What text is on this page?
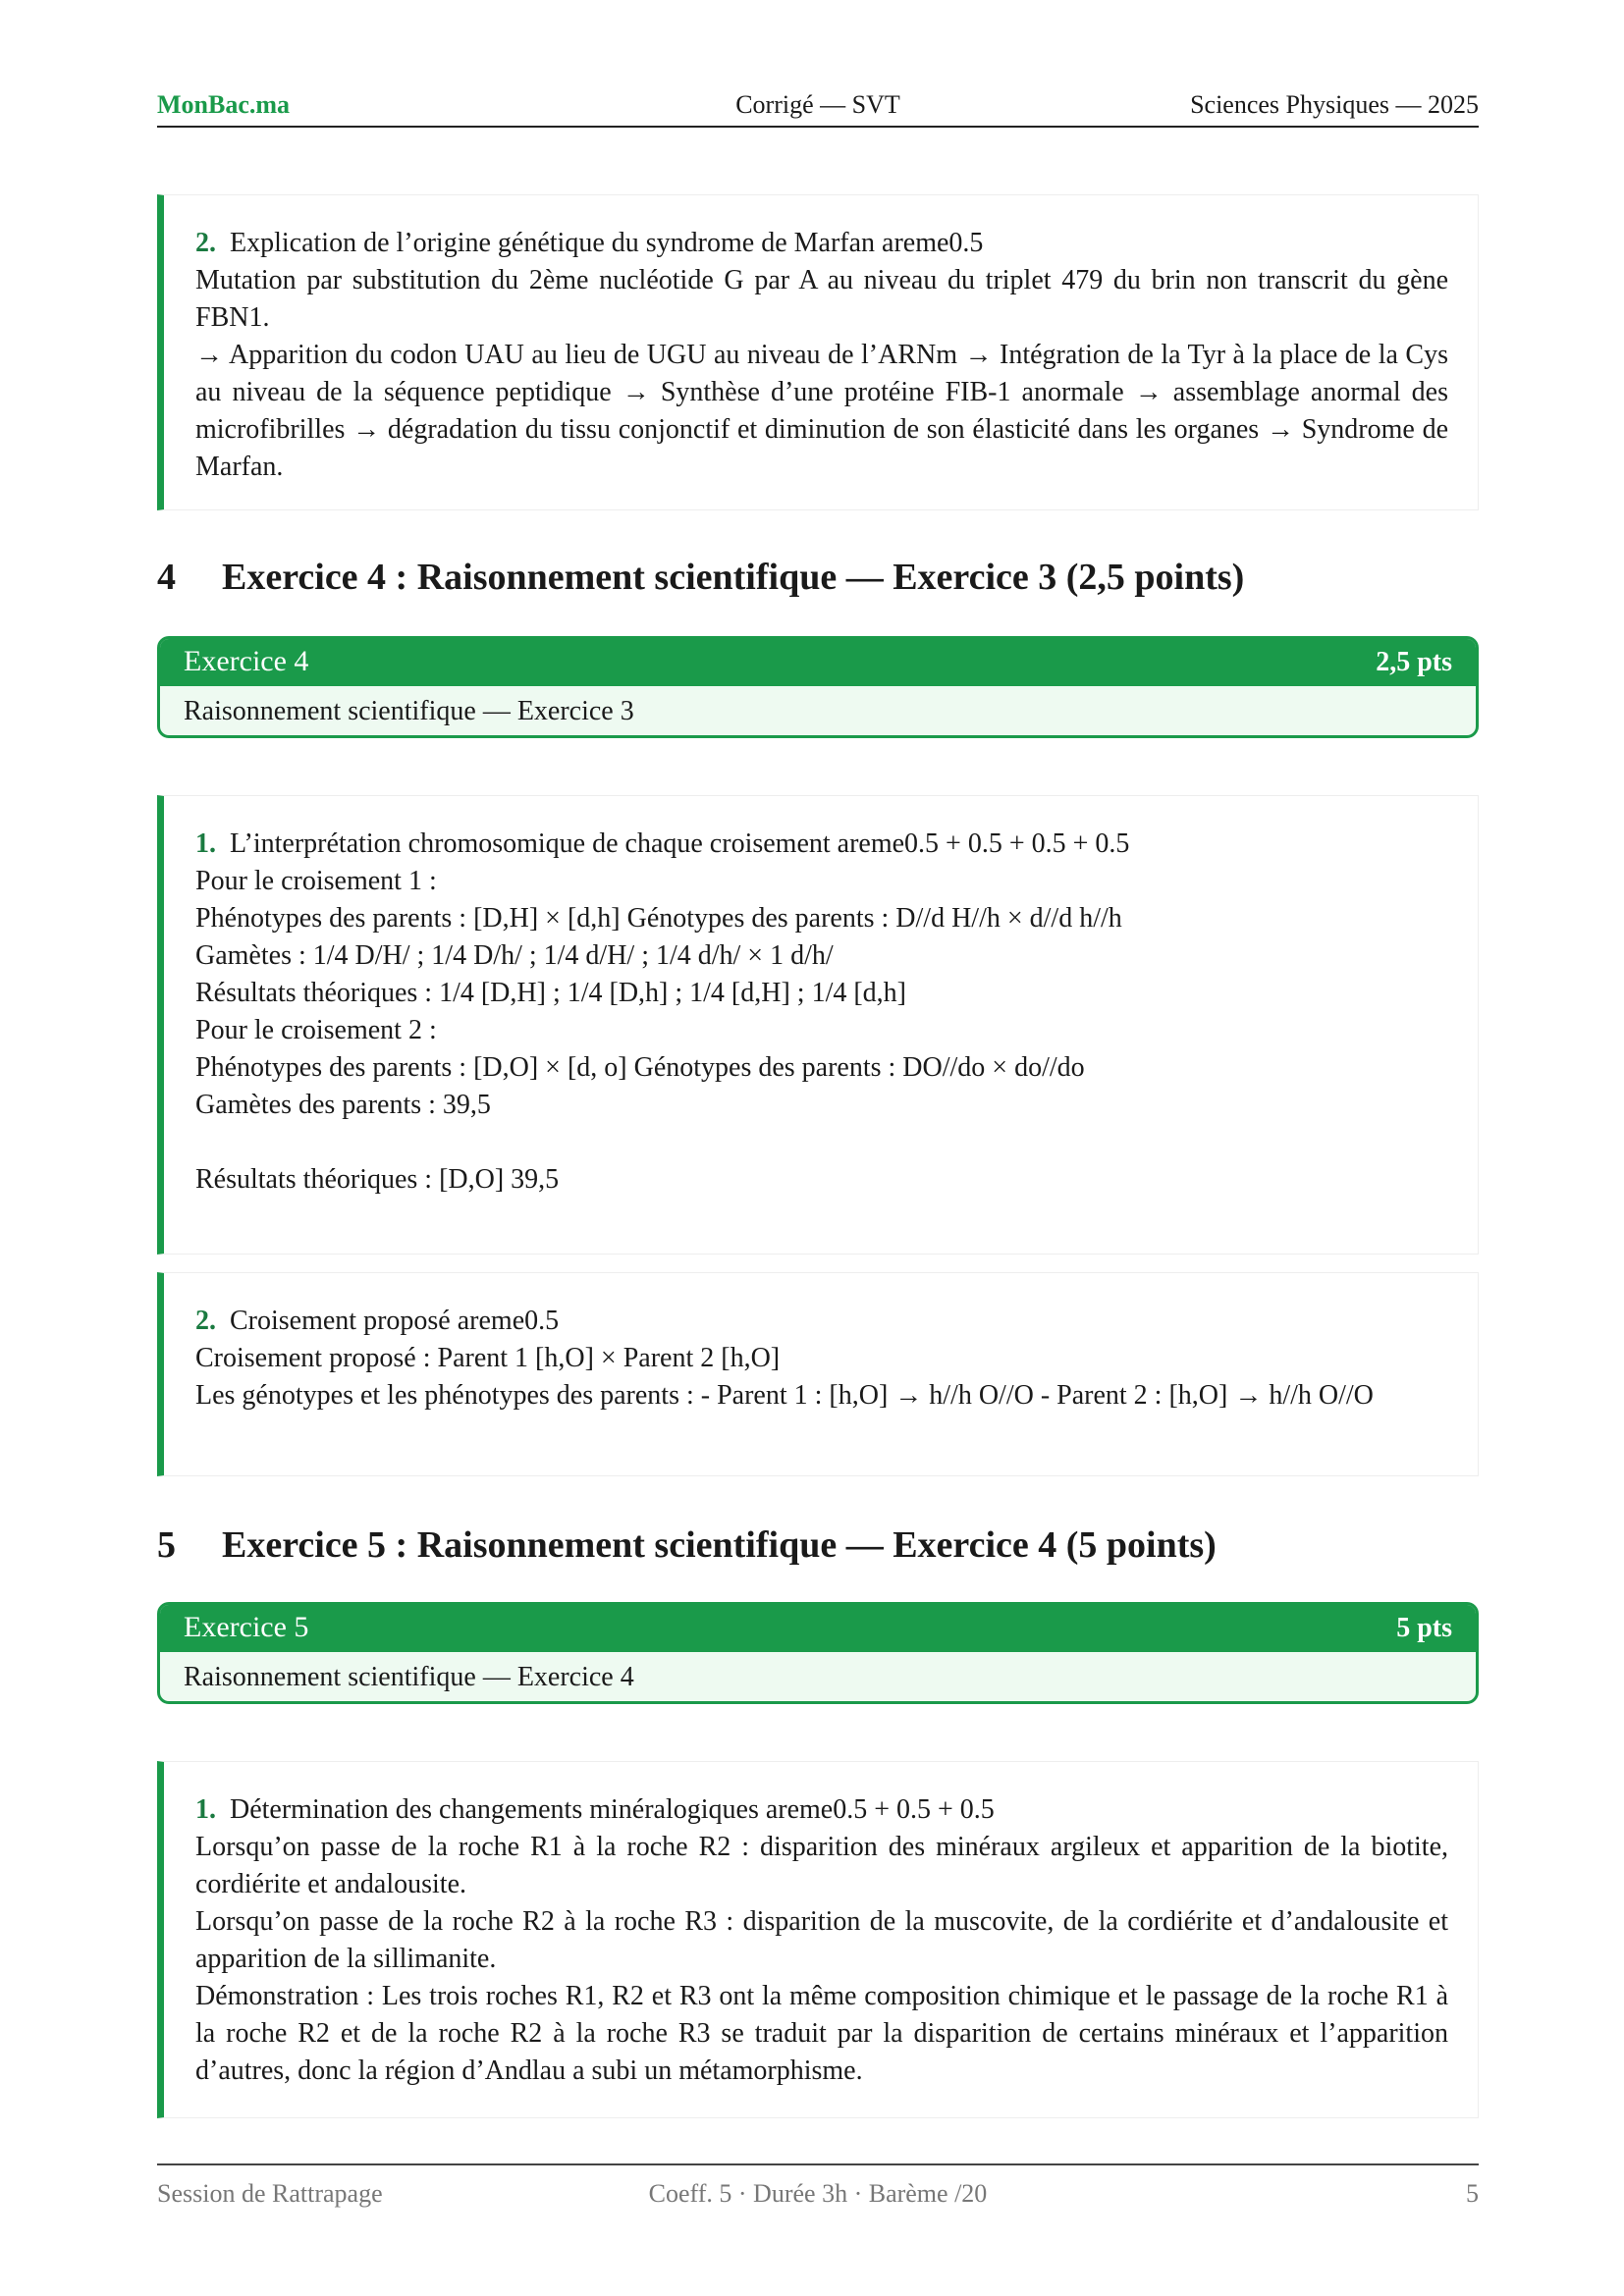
MonBac.ma	Corrigé — SVT	Sciences Physiques — 2025
2. Explication de l’origine génétique du syndrome de Marfan areme0.5
Mutation par substitution du 2ème nucléotide G par A au niveau du triplet 479 du brin non transcrit du gène FBN1.
→ Apparition du codon UAU au lieu de UGU au niveau de l’ARNm → Intégration de la Tyr à la place de la Cys au niveau de la séquence peptidique → Synthèse d’une protéine FIB-1 anormale → assemblage anormal des microfibrilles → dégradation du tissu conjonctif et diminution de son élasticité dans les organes → Syndrome de Marfan.
4 Exercice 4 : Raisonnement scientifique — Exercice 3 (2,5 points)
Exercice 4	2,5 pts
Raisonnement scientifique — Exercice 3
1. L’interprétation chromosomique de chaque croisement areme0.5 + 0.5 + 0.5 + 0.5
Pour le croisement 1 :
Phénotypes des parents : [D,H] × [d,h] Génotypes des parents : D//d H//h × d//d h//h
Gamètes : 1/4 D/H/ ; 1/4 D/h/ ; 1/4 d/H/ ; 1/4 d/h/ × 1 d/h/
Résultats théoriques : 1/4 [D,H] ; 1/4 [D,h] ; 1/4 [d,H] ; 1/4 [d,h]
Pour le croisement 2 :
Phénotypes des parents : [D,O] × [d, o] Génotypes des parents : DO//do × do//do
Gamètes des parents : 39,5
Résultats théoriques : [D,O] 39,5
2. Croisement proposé areme0.5
Croisement proposé : Parent 1 [h,O] × Parent 2 [h,O]
Les génotypes et les phénotypes des parents : - Parent 1 : [h,O] → h//h O//O - Parent 2 : [h,O] → h//h O//O
5 Exercice 5 : Raisonnement scientifique — Exercice 4 (5 points)
Exercice 5	5 pts
Raisonnement scientifique — Exercice 4
1. Détermination des changements minéralogiques areme0.5 + 0.5 + 0.5
Lorsqu’on passe de la roche R1 à la roche R2 : disparition des minéraux argileux et apparition de la biotite, cordiérite et andalousite.
Lorsqu’on passe de la roche R2 à la roche R3 : disparition de la muscovite, de la cordiérite et d’andalousite et apparition de la sillimanite.
Démonstration : Les trois roches R1, R2 et R3 ont la même composition chimique et le passage de la roche R1 à la roche R2 et de la roche R2 à la roche R3 se traduit par la disparition de certains minéraux et l’apparition d’autres, donc la région d’Andlau a subi un métamorphisme.
Session de Rattrapage	Coeff. 5 · Durée 3h · Barème /20	5
